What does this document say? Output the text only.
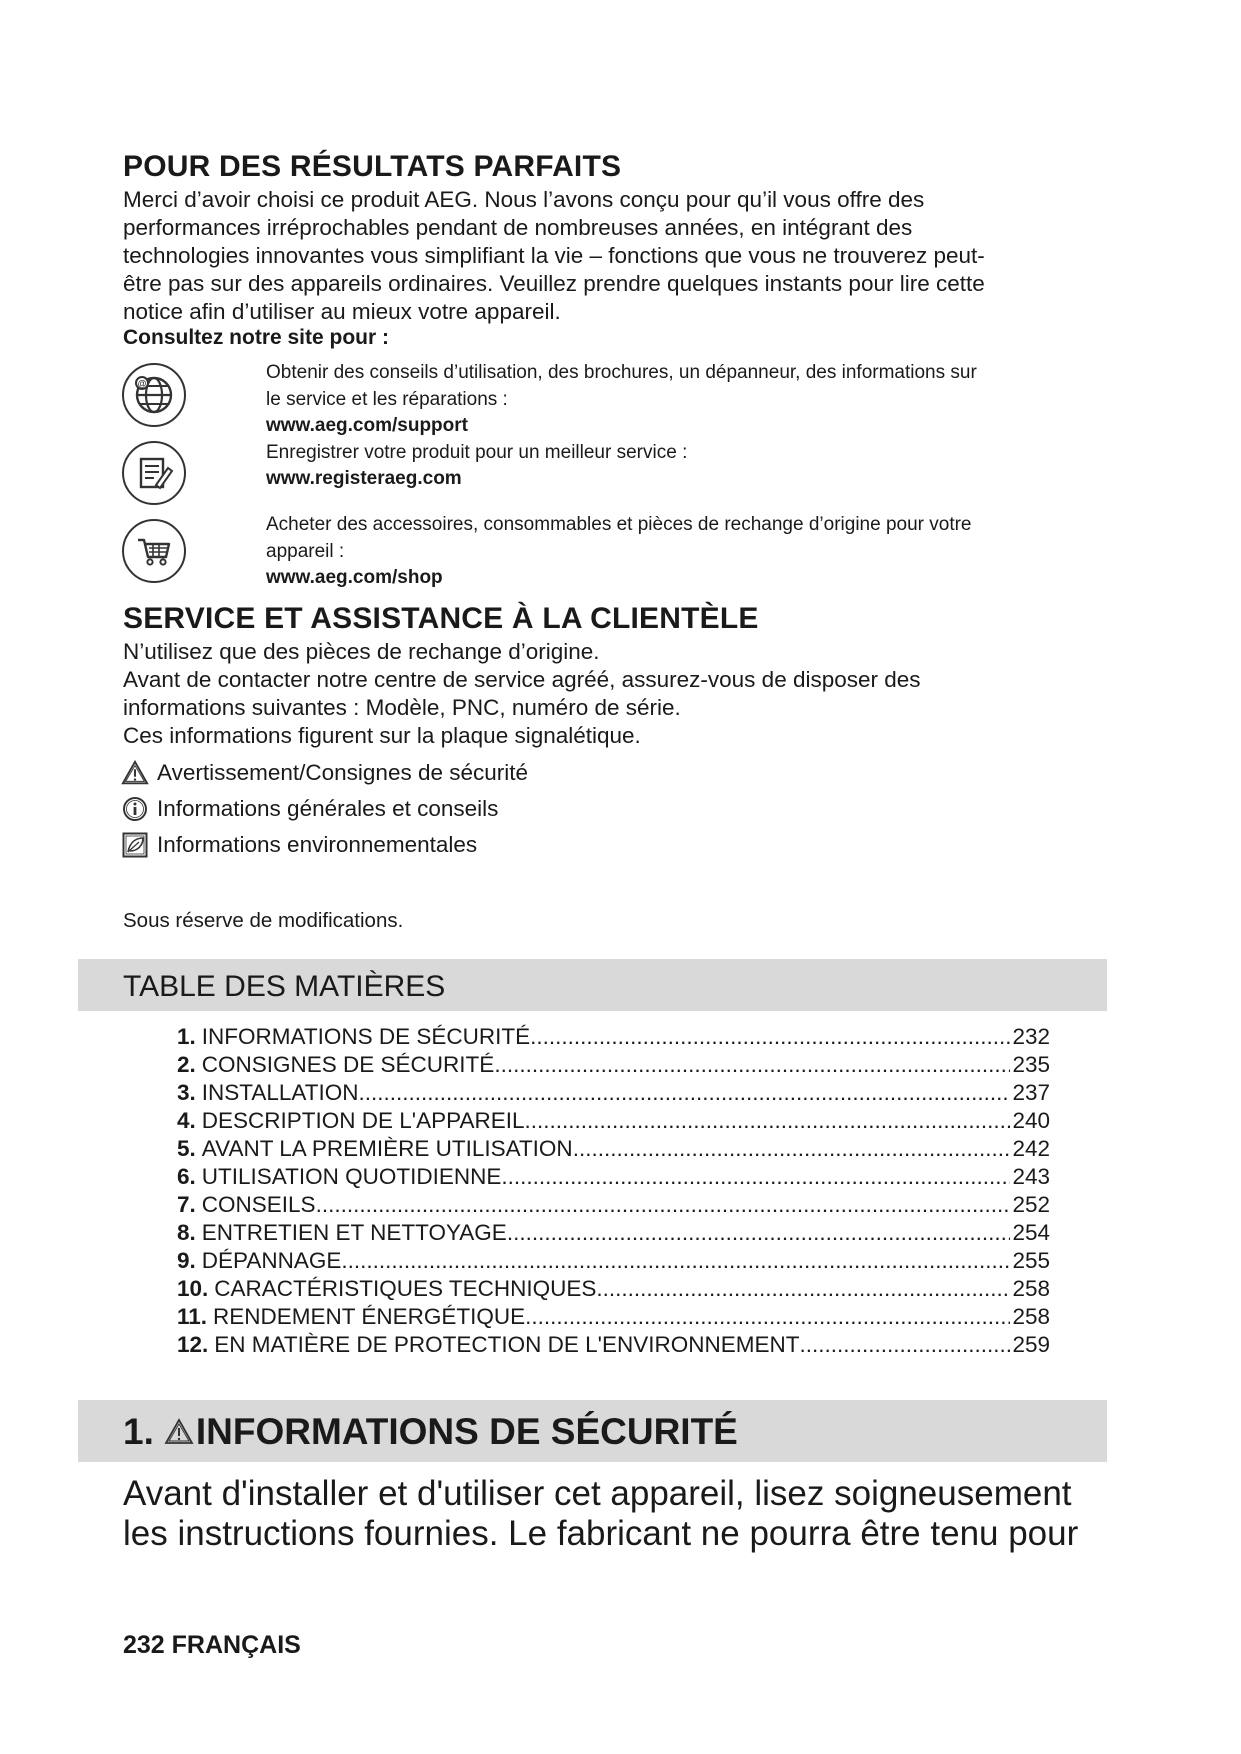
POUR DES RÉSULTATS PARFAITS
Merci d’avoir choisi ce produit AEG. Nous l’avons conçu pour qu’il vous offre des
performances irréprochables pendant de nombreuses années, en intégrant des
technologies innovantes vous simplifiant la vie – fonctions que vous ne trouverez peut-
être pas sur des appareils ordinaires. Veuillez prendre quelques instants pour lire cette
notice afin d’utiliser au mieux votre appareil.
Consultez notre site pour :
@
Obtenir des conseils d’utilisation, des brochures, un dépanneur, des informations sur
le service et les réparations :
www.aeg.com/support
Enregistrer votre produit pour un meilleur service :
www.registeraeg.com
Acheter des accessoires, consommables et pièces de rechange d’origine pour votre
appareil :
www.aeg.com/shop
SERVICE ET ASSISTANCE À LA CLIENTÈLE
N’utilisez que des pièces de rechange d’origine.
Avant de contacter notre centre de service agréé, assurez-vous de disposer des
informations suivantes : Modèle, PNC, numéro de série.
Ces informations figurent sur la plaque signalétique.
Avertissement/Consignes de sécurité
Informations générales et conseils
Informations environnementales
Sous réserve de modifications.
TABLE DES MATIÈRES
1. INFORMATIONS DE SÉCURITÉ .....	232
2. CONSIGNES DE SÉCURITÉ .....	235
3. INSTALLATION .....	237
4. DESCRIPTION DE L'APPAREIL .....	240
5. AVANT LA PREMIÈRE UTILISATION .....	242
6. UTILISATION QUOTIDIENNE .....	243
7. CONSEILS .....	252
8. ENTRETIEN ET NETTOYAGE .....	254
9. DÉPANNAGE .....	255
10. CARACTÉRISTIQUES TECHNIQUES .....	258
11. RENDEMENT ÉNERGÉTIQUE .....	258
12. EN MATIÈRE DE PROTECTION DE L'ENVIRONNEMENT .....	259
1. INFORMATIONS DE SÉCURITÉ
Avant d'installer et d'utiliser cet appareil, lisez soigneusement
les instructions fournies. Le fabricant ne pourra être tenu pour
232 FRANÇAIS
